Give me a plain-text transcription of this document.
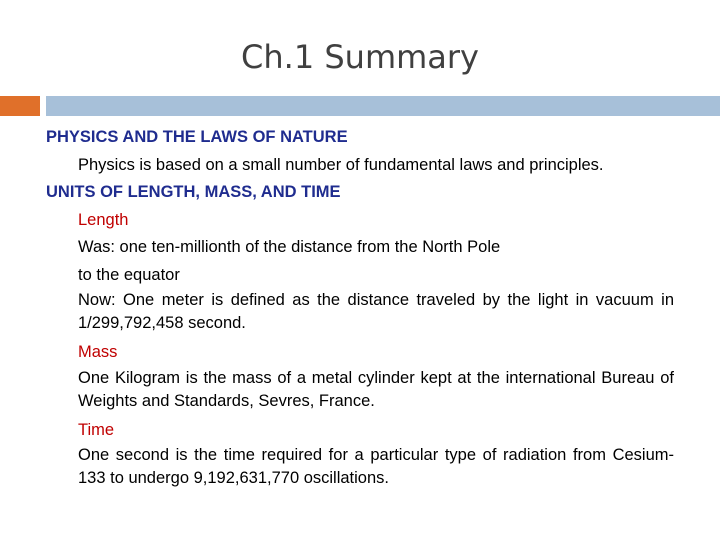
Ch.1 Summary
PHYSICS AND THE LAWS OF NATURE
Physics is based on a small number of fundamental laws and principles.
UNITS OF LENGTH, MASS, AND TIME
Length
Was: one ten-millionth of the distance from the North Pole
to the equator
Now: One meter is defined as the distance traveled by the light in vacuum in 1/299,792,458 second.
Mass
One Kilogram is the mass of a metal cylinder kept at the international Bureau of Weights and Standards, Sevres, France.
Time
One second is the time required for a particular type of radiation from Cesium-133 to undergo 9,192,631,770 oscillations.
